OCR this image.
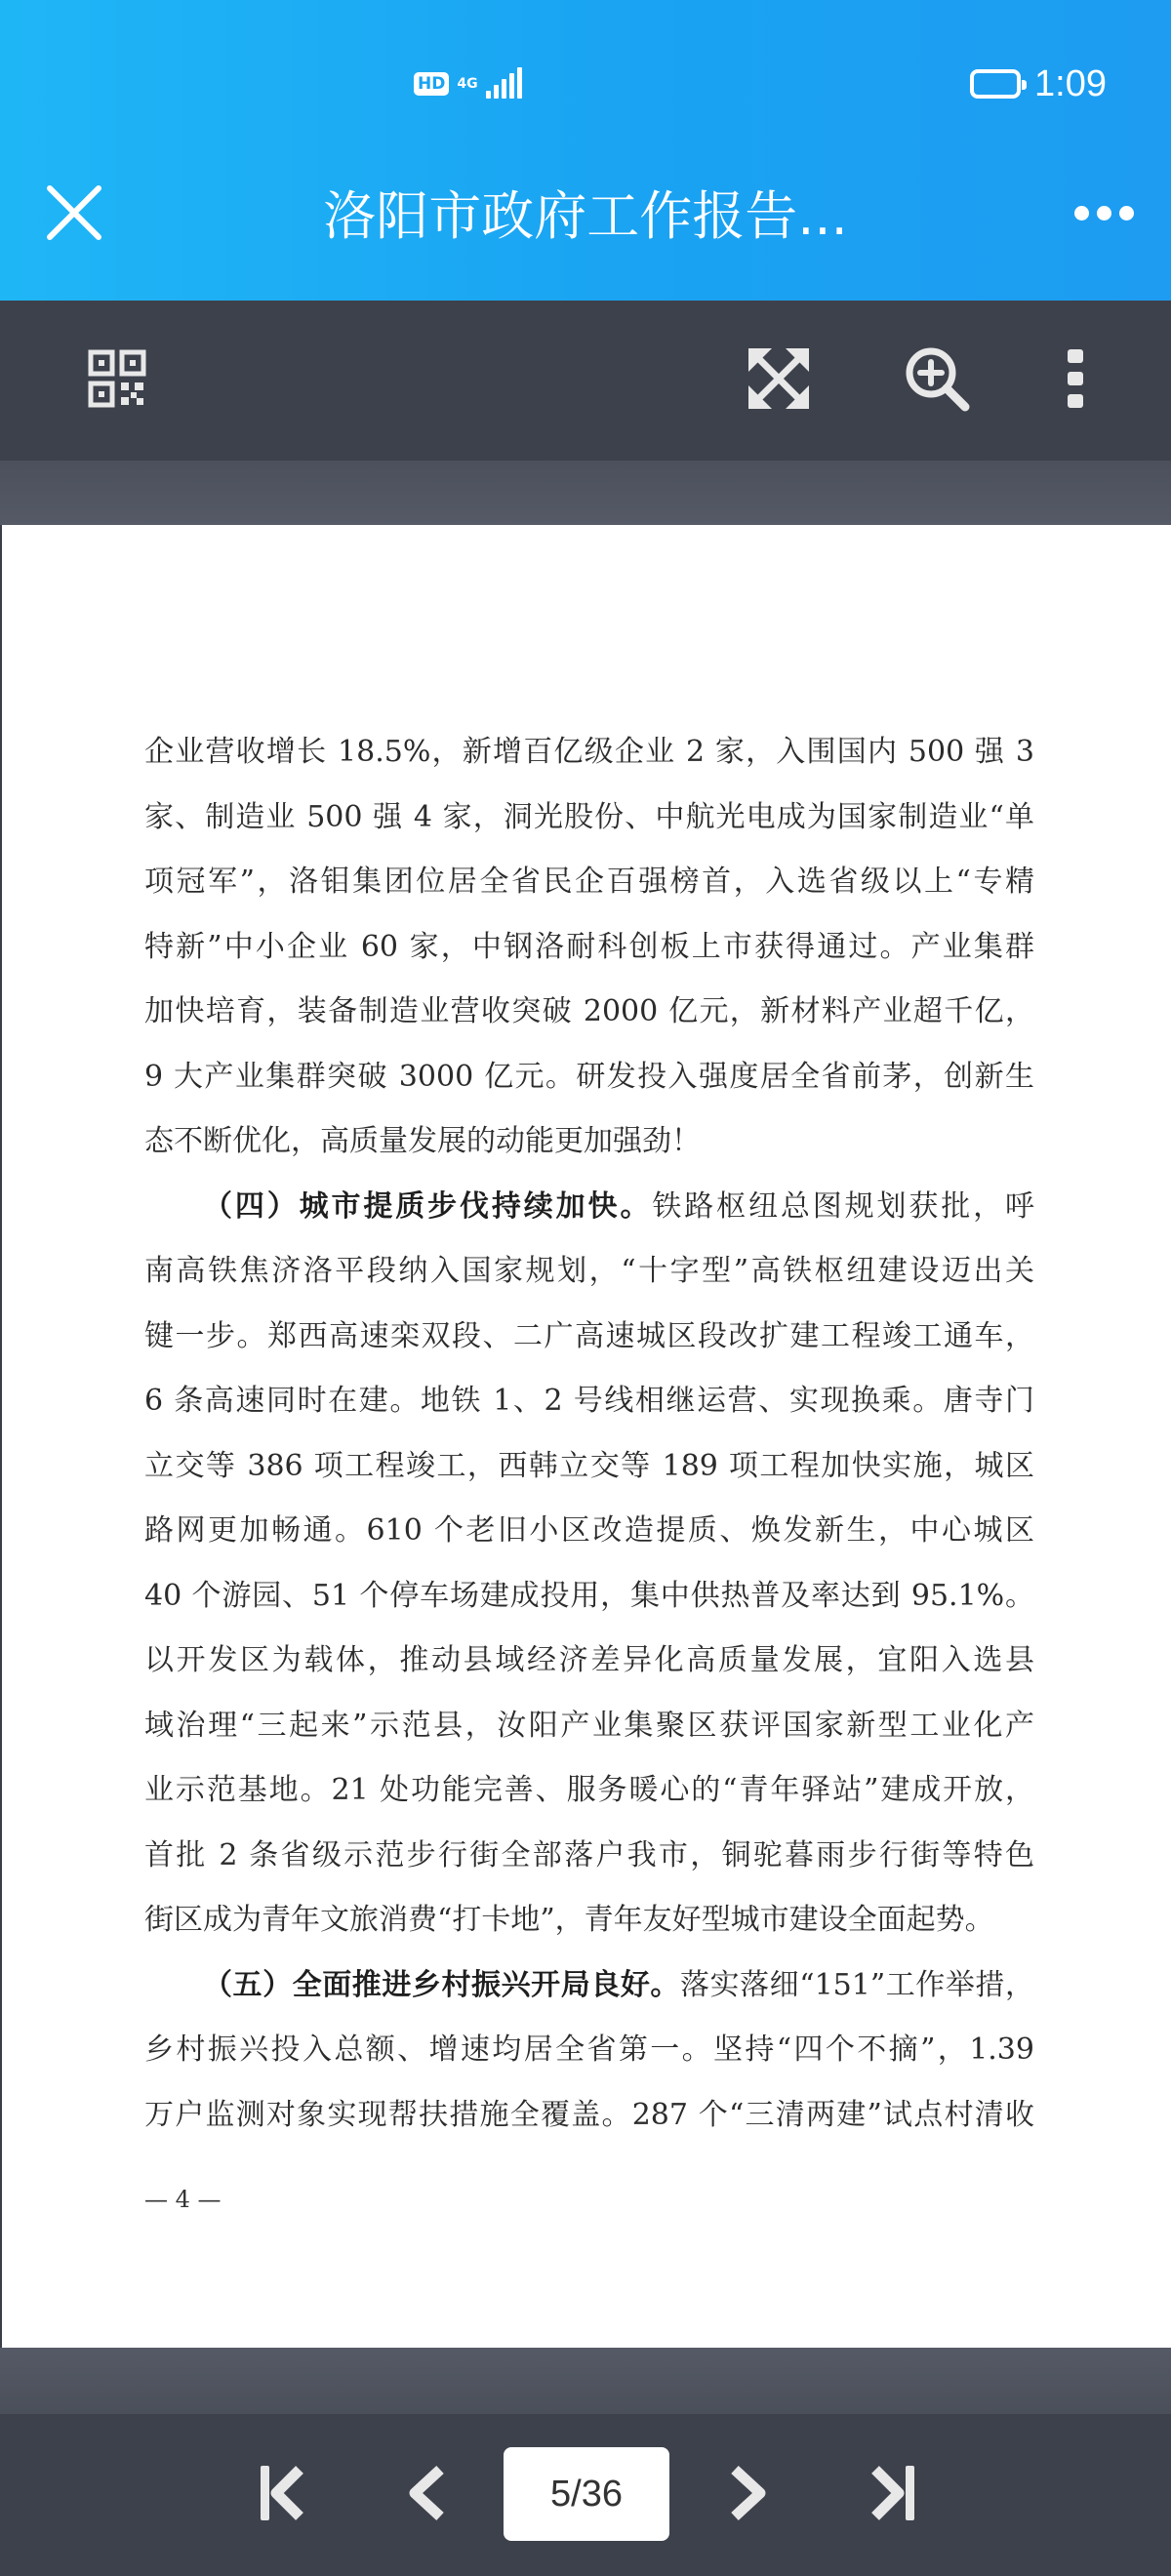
HD 4G	1:09
洛阳市政府工作报告...
企业营收增长 18.5%，新增百亿级企业 2 家，入围国内 500 强 3
家、制造业 500 强 4 家，洞光股份、中航光电成为国家制造业“单
项冠军”，洛钼集团位居全省民企百强榜首，入选省级以上“专精
特新”中小企业 60 家，中钢洛耐科创板上市获得通过。产业集群
加快培育，装备制造业营收突破 2000 亿元，新材料产业超千亿，
9 大产业集群突破 3000 亿元。研发投入强度居全省前茅，创新生
态不断优化，高质量发展的动能更加强劲！
（四）城市提质步伐持续加快。铁路枢纽总图规划获批，呼
南高铁焦济洛平段纳入国家规划，“十字型”高铁枢纽建设迈出关
键一步。郑西高速栾双段、二广高速城区段改扩建工程竣工通车，
6 条高速同时在建。地铁 1、2 号线相继运营、实现换乘。唐寺门
立交等 386 项工程竣工，西韩立交等 189 项工程加快实施，城区
路网更加畅通。610 个老旧小区改造提质、焕发新生，中心城区
40 个游园、51 个停车场建成投用，集中供热普及率达到 95.1%。
以开发区为载体，推动县域经济差异化高质量发展，宜阳入选县
域治理“三起来”示范县，汝阳产业集聚区获评国家新型工业化产
业示范基地。21 处功能完善、服务暖心的“青年驿站”建成开放，
首批 2 条省级示范步行街全部落户我市，铜驼暮雨步行街等特色
街区成为青年文旅消费“打卡地”，青年友好型城市建设全面起势。
（五）全面推进乡村振兴开局良好。落实落细“151”工作举措，
乡村振兴投入总额、增速均居全省第一。坚持“四个不摘”，1.39
万户监测对象实现帮扶措施全覆盖。287 个“三清两建”试点村清收
— 4 —
5/36
